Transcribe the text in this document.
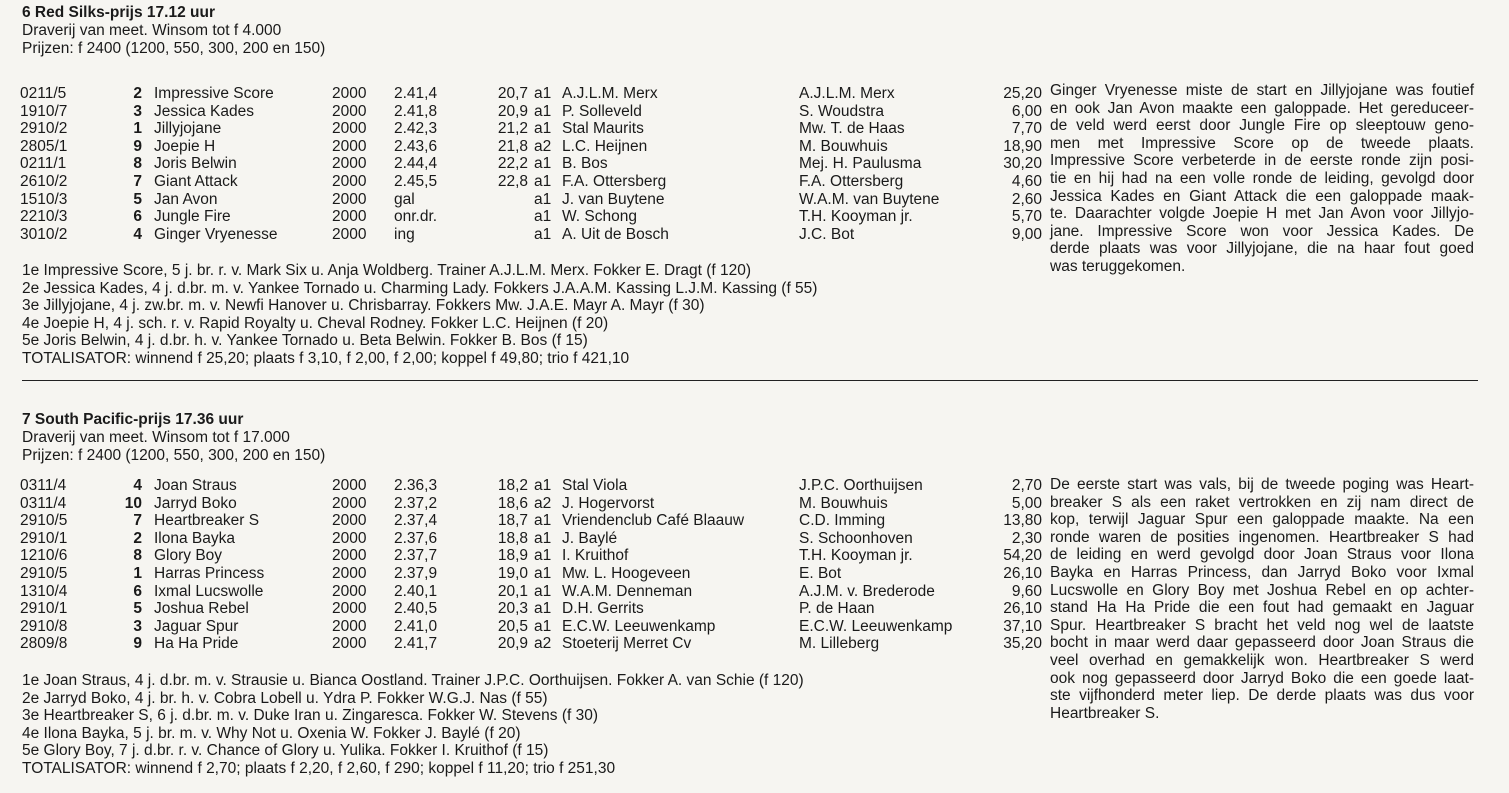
6 Red Silks-prijs 17.12 uur
Draverij van meet. Winsom tot f 4.000
Prijzen: f 2400 (1200, 550, 300, 200 en 150)
0211/5	2	Impressive Score	2000	2.41,4	20,7	a1	A.J.L.M. Merx	A.J.L.M. Merx	25,20
1910/7	3	Jessica Kades	2000	2.41,8	20,9	a1	P. Solleveld	S. Woudstra	6,00
2910/2	1	Jillyjojane	2000	2.42,3	21,2	a1	Stal Maurits	Mw. T. de Haas	7,70
2805/1	9	Joepie H	2000	2.43,6	21,8	a2	L.C. Heijnen	M. Bouwhuis	18,90
0211/1	8	Joris Belwin	2000	2.44,4	22,2	a1	B. Bos	Mej. H. Paulusma	30,20
2610/2	7	Giant Attack	2000	2.45,5	22,8	a1	F.A. Ottersberg	F.A. Ottersberg	4,60
1510/3	5	Jan Avon	2000	gal		a1	J. van Buytene	W.A.M. van Buytene	2,60
2210/3	6	Jungle Fire	2000	onr.dr.		a1	W. Schong	T.H. Kooyman jr.	5,70
3010/2	4	Ginger Vryenesse	2000	ing		a1	A. Uit de Bosch	J.C. Bot	9,00
1e Impressive Score, 5 j. br. r. v. Mark Six u. Anja Woldberg. Trainer A.J.L.M. Merx. Fokker E. Dragt (f 120)
2e Jessica Kades, 4 j. d.br. m. v. Yankee Tornado u. Charming Lady. Fokkers J.A.A.M. Kassing L.J.M. Kassing (f 55)
3e Jillyjojane, 4 j. zw.br. m. v. Newfi Hanover u. Chrisbarray. Fokkers Mw. J.A.E. Mayr A. Mayr (f 30)
4e Joepie H, 4 j. sch. r. v. Rapid Royalty u. Cheval Rodney. Fokker L.C. Heijnen (f 20)
5e Joris Belwin, 4 j. d.br. h. v. Yankee Tornado u. Beta Belwin. Fokker B. Bos (f 15)
TOTALISATOR: winnend f 25,20; plaats f 3,10, f 2,00, f 2,00; koppel f 49,80; trio f 421,10
Ginger Vryenesse miste de start en Jillyjojane was foutief
en ook Jan Avon maakte een galoppade. Het gereduceer-
de veld werd eerst door Jungle Fire op sleeptouw geno-
men met Impressive Score op de tweede plaats.
Impressive Score verbeterde in de eerste ronde zijn posi-
tie en hij had na een volle ronde de leiding, gevolgd door
Jessica Kades en Giant Attack die een galoppade maak-
te. Daarachter volgde Joepie H met Jan Avon voor Jillyjo-
jane. Impressive Score won voor Jessica Kades. De
derde plaats was voor Jillyjojane, die na haar fout goed
was teruggekomen.
7 South Pacific-prijs 17.36 uur
Draverij van meet. Winsom tot f 17.000
Prijzen: f 2400 (1200, 550, 300, 200 en 150)
0311/4	4	Joan Straus	2000	2.36,3	18,2	a1	Stal Viola	J.P.C. Oorthuijsen	2,70
0311/4	10	Jarryd Boko	2000	2.37,2	18,6	a2	J. Hogervorst	M. Bouwhuis	5,00
2910/5	7	Heartbreaker S	2000	2.37,4	18,7	a1	Vriendenclub Café Blaauw	C.D. Imming	13,80
2910/1	2	Ilona Bayka	2000	2.37,6	18,8	a1	J. Baylé	S. Schoonhoven	2,30
1210/6	8	Glory Boy	2000	2.37,7	18,9	a1	I. Kruithof	T.H. Kooyman jr.	54,20
2910/5	1	Harras Princess	2000	2.37,9	19,0	a1	Mw. L. Hoogeveen	E. Bot	26,10
1310/4	6	Ixmal Lucswolle	2000	2.40,1	20,1	a1	W.A.M. Denneman	A.J.M. v. Brederode	9,60
2910/1	5	Joshua Rebel	2000	2.40,5	20,3	a1	D.H. Gerrits	P. de Haan	26,10
2910/8	3	Jaguar Spur	2000	2.41,0	20,5	a1	E.C.W. Leeuwenkamp	E.C.W. Leeuwenkamp	37,10
2809/8	9	Ha Ha Pride	2000	2.41,7	20,9	a2	Stoeterij Merret Cv	M. Lilleberg	35,20
1e Joan Straus, 4 j. d.br. m. v. Strausie u. Bianca Oostland. Trainer J.P.C. Oorthuijsen. Fokker A. van Schie (f 120)
2e Jarryd Boko, 4 j. br. h. v. Cobra Lobell u. Ydra P. Fokker W.G.J. Nas (f 55)
3e Heartbreaker S, 6 j. d.br. m. v. Duke Iran u. Zingaresca. Fokker W. Stevens (f 30)
4e Ilona Bayka, 5 j. br. m. v. Why Not u. Oxenia W. Fokker J. Baylé (f 20)
5e Glory Boy, 7 j. d.br. r. v. Chance of Glory u. Yulika. Fokker I. Kruithof (f 15)
TOTALISATOR: winnend f 2,70; plaats f 2,20, f 2,60, f 290; koppel f 11,20; trio f 251,30
De eerste start was vals, bij de tweede poging was Heart-
breaker S als een raket vertrokken en zij nam direct de
kop, terwijl Jaguar Spur een galoppade maakte. Na een
ronde waren de posities ingenomen. Heartbreaker S had
de leiding en werd gevolgd door Joan Straus voor Ilona
Bayka en Harras Princess, dan Jarryd Boko voor Ixmal
Lucswolle en Glory Boy met Joshua Rebel en op achter-
stand Ha Ha Pride die een fout had gemaakt en Jaguar
Spur. Heartbreaker S bracht het veld nog wel de laatste
bocht in maar werd daar gepasseerd door Joan Straus die
veel overhad en gemakkelijk won. Heartbreaker S werd
ook nog gepasseerd door Jarryd Boko die een goede laat-
ste vijfhonderd meter liep. De derde plaats was dus voor
Heartbreaker S.
